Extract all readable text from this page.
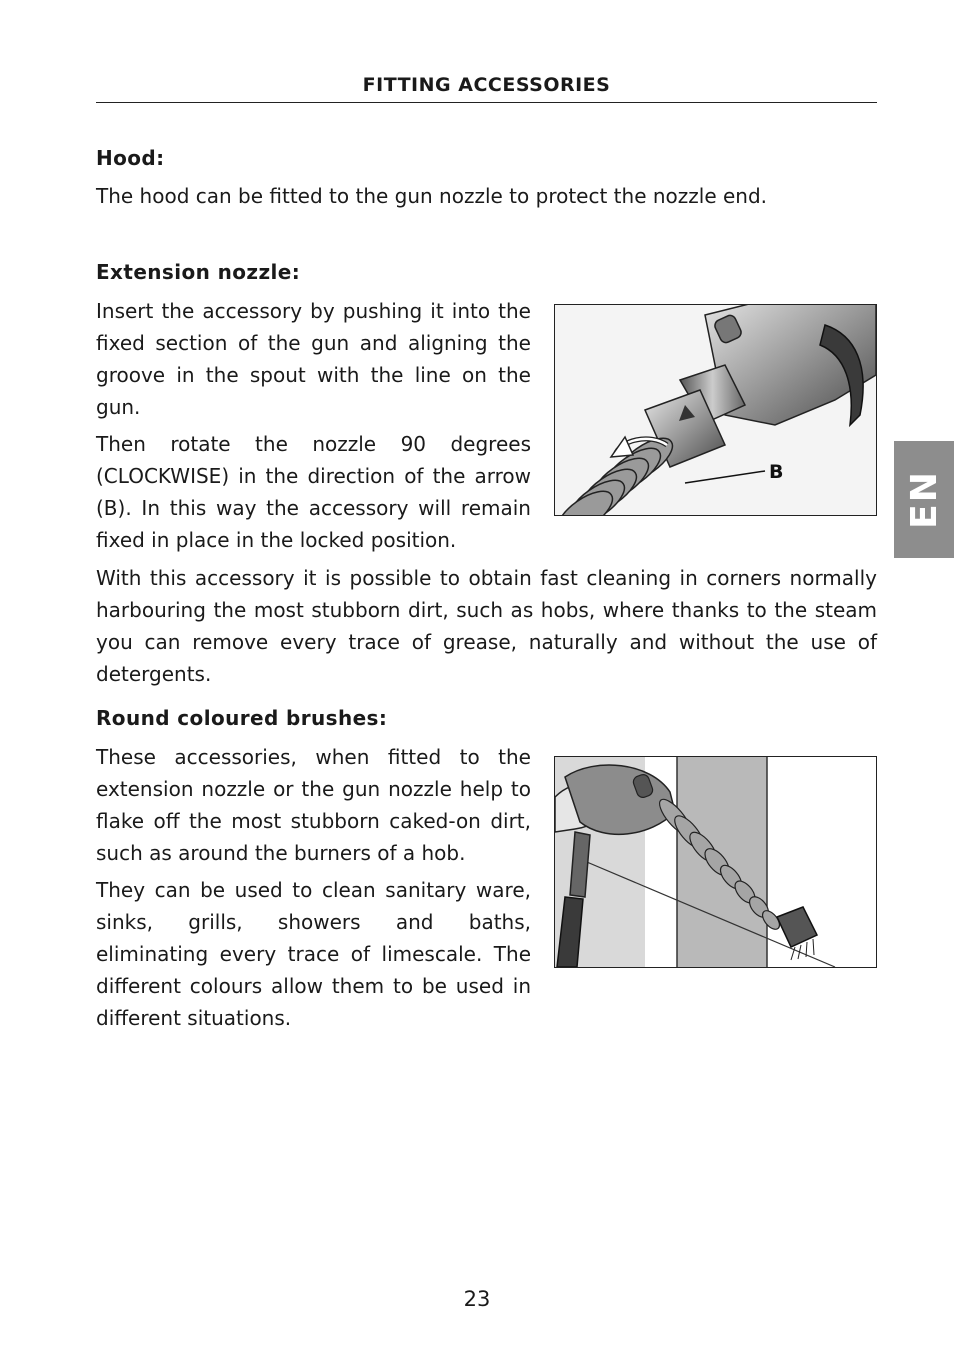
FITTING ACCESSORIES
Hood:

The hood can be fitted to the gun nozzle to protect the nozzle end.

Extension nozzle:

Insert the accessory by pushing it into the fixed section of the gun and aligning the groove in the spout with the line on the gun.

Then rotate the nozzle 90 degrees (CLOCKWISE) in the direction of the arrow (B). In this way the accessory will remain fixed in place in the locked position.

With this accessory it is possible to obtain fast cleaning in corners normally harbouring the most stubborn dirt, such as hobs, where thanks to the steam you can remove every trace of grease, naturally and without the use of detergents.

B
Round coloured brushes:

These accessories, when fitted to the extension nozzle or the gun nozzle help to flake off the most stubborn caked-on dirt, such as around the burners of a hob.

They can be used to clean sanitary ware, sinks, grills, showers and baths, eliminating every trace of limescale. The different colours allow them to be used in different situations.

EN
23
